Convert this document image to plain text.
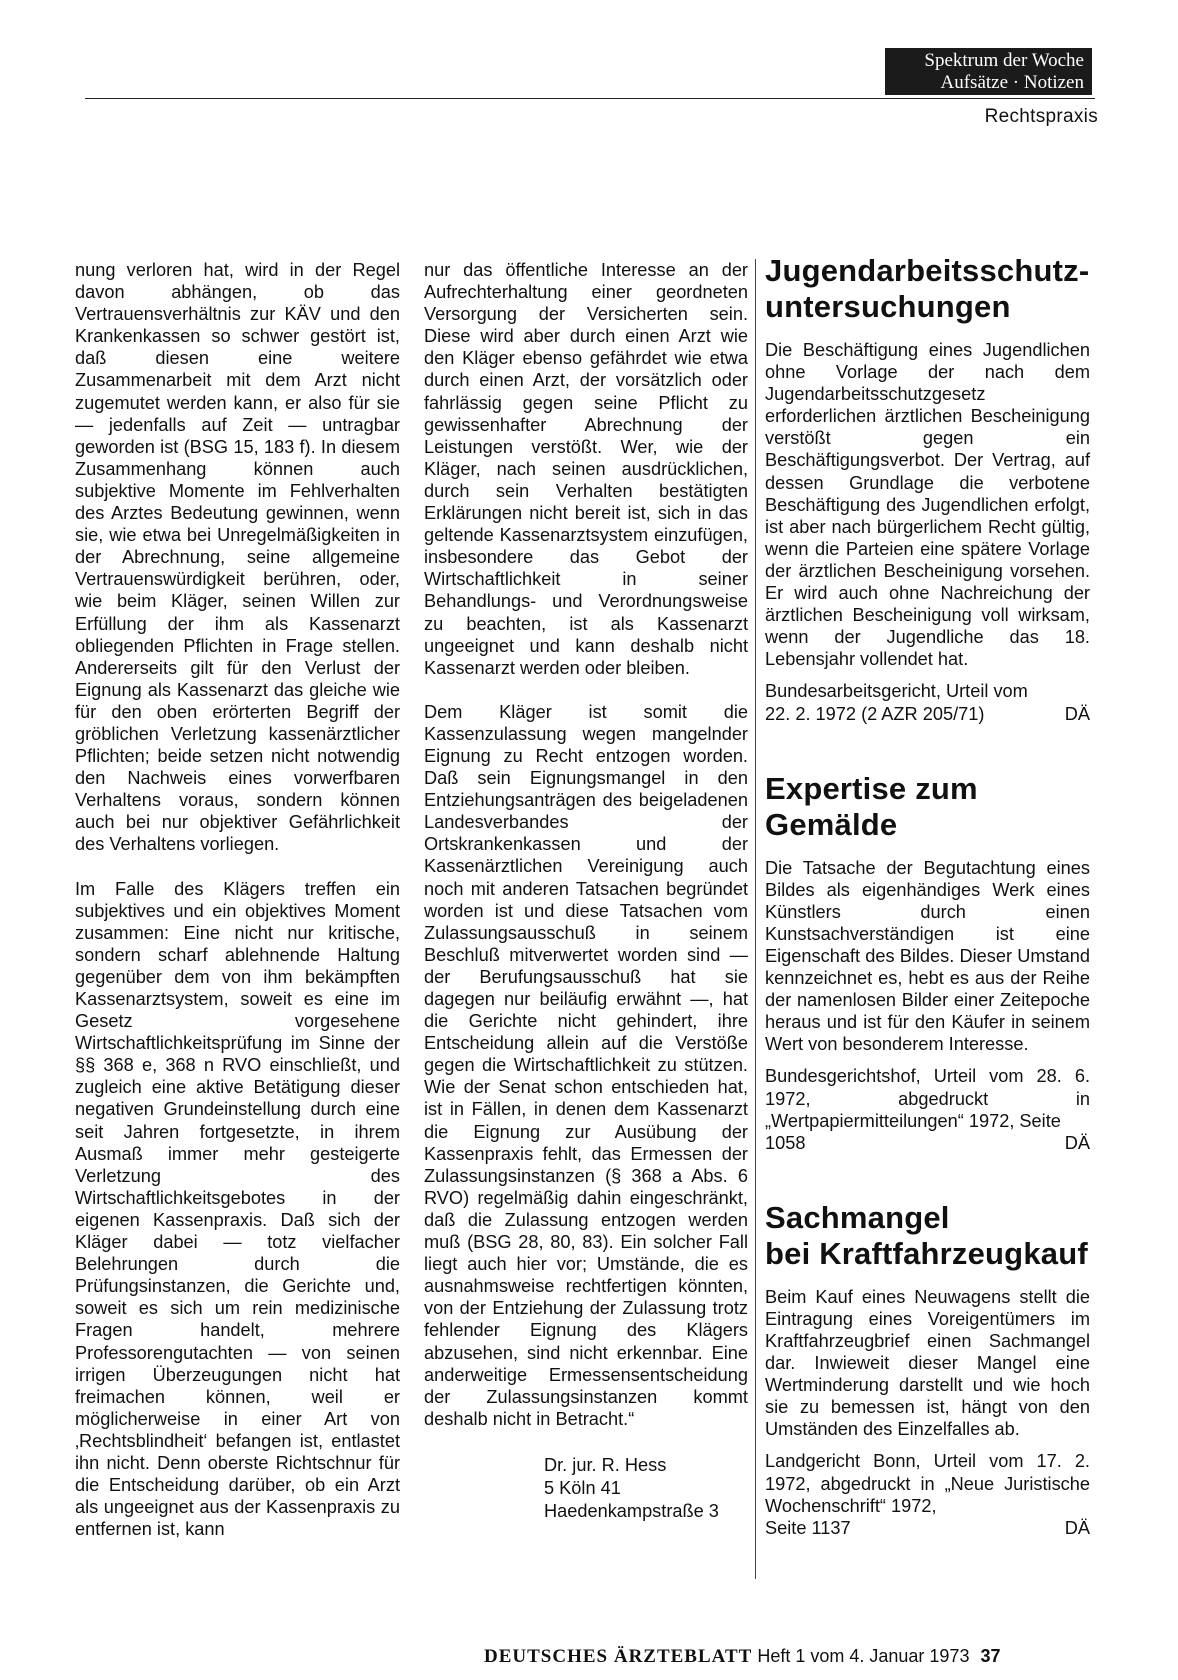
Spektrum der Woche
Aufsätze · Notizen
Rechtspraxis

nung verloren hat, wird in der Regel davon abhängen, ob das Vertrauensverhältnis zur KÄV und den Krankenkassen so schwer gestört ist, daß diesen eine weitere Zusammenarbeit mit dem Arzt nicht zugemutet werden kann, er also für sie — jedenfalls auf Zeit — untragbar geworden ist (BSG 15, 183 f). In diesem Zusammenhang können auch subjektive Momente im Fehlverhalten des Arztes Bedeutung gewinnen, wenn sie, wie etwa bei Unregelmäßigkeiten in der Abrechnung, seine allgemeine Vertrauenswürdigkeit berühren, oder, wie beim Kläger, seinen Willen zur Erfüllung der ihm als Kassenarzt obliegenden Pflichten in Frage stellen. Andererseits gilt für den Verlust der Eignung als Kassenarzt das gleiche wie für den oben erörterten Begriff der gröblichen Verletzung kassenärztlicher Pflichten; beide setzen nicht notwendig den Nachweis eines vorwerfbaren Verhaltens voraus, sondern können auch bei nur objektiver Gefährlichkeit des Verhaltens vorliegen.

Im Falle des Klägers treffen ein subjektives und ein objektives Moment zusammen: Eine nicht nur kritische, sondern scharf ablehnende Haltung gegenüber dem von ihm bekämpften Kassenarztsystem, soweit es eine im Gesetz vorgesehene Wirtschaftlichkeitsprüfung im Sinne der §§ 368 e, 368 n RVO einschließt, und zugleich eine aktive Betätigung dieser negativen Grundeinstellung durch eine seit Jahren fortgesetzte, in ihrem Ausmaß immer mehr gesteigerte Verletzung des Wirtschaftlichkeitsgebotes in der eigenen Kassenpraxis. Daß sich der Kläger dabei — totz vielfacher Belehrungen durch die Prüfungsinstanzen, die Gerichte und, soweit es sich um rein medizinische Fragen handelt, mehrere Professorengutachten — von seinen irrigen Überzeugungen nicht hat freimachen können, weil er möglicherweise in einer Art von ‚Rechtsblindheit‘ befangen ist, entlastet ihn nicht. Denn oberste Richtschnur für die Entscheidung darüber, ob ein Arzt als ungeeignet aus der Kassenpraxis zu entfernen ist, kann

nur das öffentliche Interesse an der Aufrechterhaltung einer geordneten Versorgung der Versicherten sein. Diese wird aber durch einen Arzt wie den Kläger ebenso gefährdet wie etwa durch einen Arzt, der vorsätzlich oder fahrlässig gegen seine Pflicht zu gewissenhafter Abrechnung der Leistungen verstößt. Wer, wie der Kläger, nach seinen ausdrücklichen, durch sein Verhalten bestätigten Erklärungen nicht bereit ist, sich in das geltende Kassenarztsystem einzufügen, insbesondere das Gebot der Wirtschaftlichkeit in seiner Behandlungs- und Verordnungsweise zu beachten, ist als Kassenarzt ungeeignet und kann deshalb nicht Kassenarzt werden oder bleiben.

Dem Kläger ist somit die Kassenzulassung wegen mangelnder Eignung zu Recht entzogen worden. Daß sein Eignungsmangel in den Entziehungsanträgen des beigeladenen Landesverbandes der Ortskrankenkassen und der Kassenärztlichen Vereinigung auch noch mit anderen Tatsachen begründet worden ist und diese Tatsachen vom Zulassungsausschuß in seinem Beschluß mitverwertet worden sind — der Berufungsausschuß hat sie dagegen nur beiläufig erwähnt —, hat die Gerichte nicht gehindert, ihre Entscheidung allein auf die Verstöße gegen die Wirtschaftlichkeit zu stützen. Wie der Senat schon entschieden hat, ist in Fällen, in denen dem Kassenarzt die Eignung zur Ausübung der Kassenpraxis fehlt, das Ermessen der Zulassungsinstanzen (§ 368 a Abs. 6 RVO) regelmäßig dahin eingeschränkt, daß die Zulassung entzogen werden muß (BSG 28, 80, 83). Ein solcher Fall liegt auch hier vor; Umstände, die es ausnahmsweise rechtfertigen könnten, von der Entziehung der Zulassung trotz fehlender Eignung des Klägers abzusehen, sind nicht erkennbar. Eine anderweitige Ermessensentscheidung der Zulassungsinstanzen kommt deshalb nicht in Betracht.“

Dr. jur. R. Hess
5 Köln 41
Haedenkampstraße 3
Jugendarbeitsschutz-untersuchungen

Die Beschäftigung eines Jugendlichen ohne Vorlage der nach dem Jugendarbeitsschutzgesetz erforderlichen ärztlichen Bescheinigung verstößt gegen ein Beschäftigungsverbot. Der Vertrag, auf dessen Grundlage die verbotene Beschäftigung des Jugendlichen erfolgt, ist aber nach bürgerlichem Recht gültig, wenn die Parteien eine spätere Vorlage der ärztlichen Bescheinigung vorsehen. Er wird auch ohne Nachreichung der ärztlichen Bescheinigung voll wirksam, wenn der Jugendliche das 18. Lebensjahr vollendet hat.

Bundesarbeitsgericht, Urteil vom

22. 2. 1972 (2 AZR 205/71)	DÄ

Expertise zum Gemälde

Die Tatsache der Begutachtung eines Bildes als eigenhändiges Werk eines Künstlers durch einen Kunstsachverständigen ist eine Eigenschaft des Bildes. Dieser Umstand kennzeichnet es, hebt es aus der Reihe der namenlosen Bilder einer Zeitepoche heraus und ist für den Käufer in seinem Wert von besonderem Interesse.

Bundesgerichtshof, Urteil vom 28. 6. 1972, abgedruckt in „Wertpapiermitteilungen“ 1972, Seite

1058	DÄ

Sachmangel
bei Kraftfahrzeugkauf

Beim Kauf eines Neuwagens stellt die Eintragung eines Voreigentümers im Kraftfahrzeugbrief einen Sachmangel dar. Inwieweit dieser Mangel eine Wertminderung darstellt und wie hoch sie zu bemessen ist, hängt von den Umständen des Einzelfalles ab.

Landgericht Bonn, Urteil vom 17. 2. 1972, abgedruckt in „Neue Juristische Wochenschrift“ 1972,

Seite 1137	DÄ

DEUTSCHES ÄRZTEBLATT Heft 1 vom 4. Januar 1973 37
